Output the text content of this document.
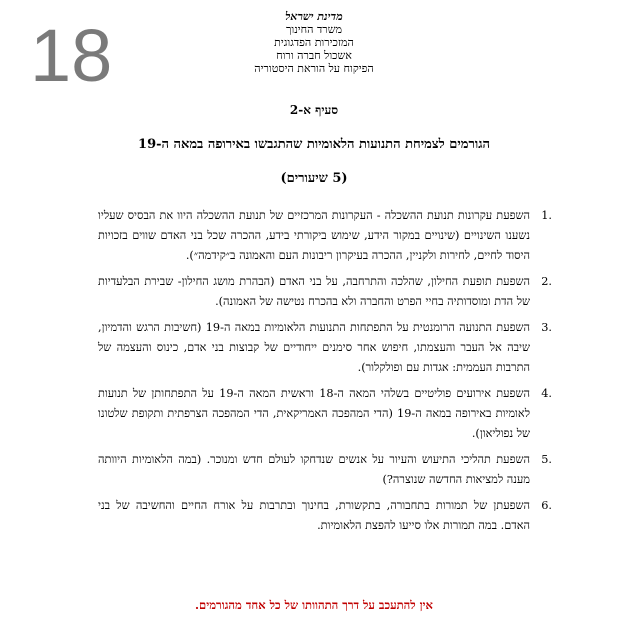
18	מדינת ישראל
משרד החינוך
המזכירות הפדגוגית
אשכול חברה ורוח
הפיקוח על הוראת היסטוריה
סעיף א-2
הגורמים לצמיחת התנועות הלאומיות שהתגבשו באירופה במאה ה-19
(5 שיעורים)
1.
השפעת עקרונות תנועת ההשכלה - העקרונות המרכזיים של תנועת ההשכלה היוו את הבסיס שעליו נשענו השינויים (שינויים במקור הידע, שימוש ביקורתי בידע, ההכרה שכל בני האדם שווים בזכויות היסוד לחיים, לחירות ולקניין, ההכרה בעיקרון ריבונות העם והאמונה ב״קידמה״).
2.
השפעת תופעת החילון, שהלכה והתרחבה, על בני האדם (הבהרת מושג החילון- שבירת הבלעדיות של הדת ומוסדותיה בחיי הפרט והחברה ולא בהכרח נטישה של האמונה).
3.
השפעת התנועה הרומנטית על התפתחות התנועות הלאומיות במאה ה-19 (חשיבות הרגש והדמיון, שיבה אל העבר והעצמתו, חיפוש אחר סימנים ייחודיים של קבוצות בני אדם, כינוס והעצמה של התרבות העממית: אגדות עם ופולקלור).
4.
השפעת אירועים פוליטיים בשלהי המאה ה-18 וראשית המאה ה-19 על התפתחותן של תנועות לאומיות באירופה במאה ה-19 (הדי המהפכה האמריקאית, הדי המהפכה הצרפתית ותקופת שלטונו של נפוליאון).
5.
השפעת תהליכי התיעוש והעיור על אנשים שנדחקו לעולם חדש ומנוכר. (במה הלאומיות היוותה מענה למציאות החדשה שנוצרה?)
6.
השפעתן של תמורות בתחבורה, בתקשורת, בחינוך ובתרבות על אורח החיים והחשיבה של בני האדם. במה תמורות אלו סייעו להפצת הלאומיות.
אין להתעכב על דרך התהוותו של כל אחד מהגורמים.
